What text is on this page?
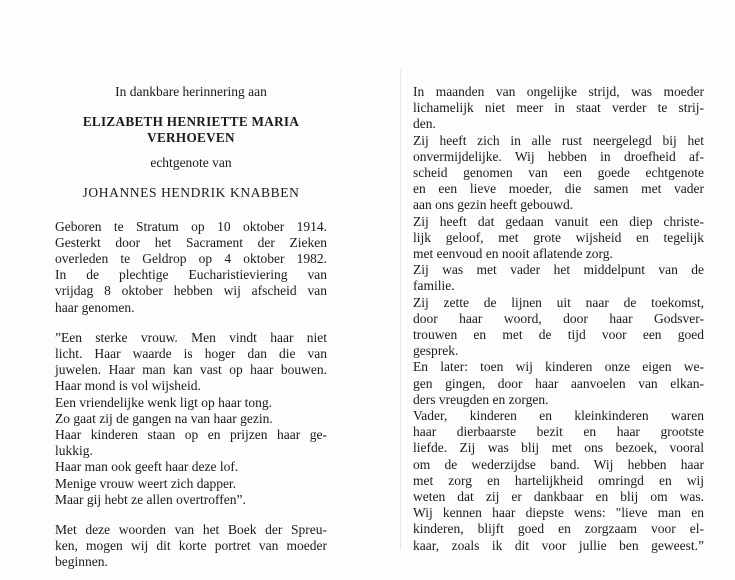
In dankbare herinnering aan

ELIZABETH HENRIETTE MARIA

VERHOEVEN

echtgenote van

JOHANNES HENDRIK KNABBEN

Geboren te Stratum op 10 oktober 1914.
Gesterkt door het Sacrament der Zieken
overleden te Geldrop op 4 oktober 1982.
In de plechtige Eucharistieviering van
vrijdag 8 oktober hebben wij afscheid van
haar genomen.
”Een sterke vrouw. Men vindt haar niet
licht. Haar waarde is hoger dan die van
juwelen. Haar man kan vast op haar bouwen.
Haar mond is vol wijsheid.
Een vriendelijke wenk ligt op haar tong.
Zo gaat zij de gangen na van haar gezin.
Haar kinderen staan op en prijzen haar ge-
lukkig.
Haar man ook geeft haar deze lof.
Menige vrouw weert zich dapper.
Maar gij hebt ze allen overtroffen”.
Met deze woorden van het Boek der Spreu-
ken, mogen wij dit korte portret van moeder
beginnen.
In maanden van ongelijke strijd, was moeder
lichamelijk niet meer in staat verder te strij-
den.
Zij heeft zich in alle rust neergelegd bij het
onvermijdelijke. Wij hebben in droefheid af-
scheid genomen van een goede echtgenote
en een lieve moeder, die samen met vader
aan ons gezin heeft gebouwd.
Zij heeft dat gedaan vanuit een diep christe-
lijk geloof, met grote wijsheid en tegelijk
met eenvoud en nooit aflatende zorg.
Zij was met vader het middelpunt van de
familie.
Zij zette de lijnen uit naar de toekomst,
door haar woord, door haar Godsver-
trouwen en met de tijd voor een goed
gesprek.
En later: toen wij kinderen onze eigen we-
gen gingen, door haar aanvoelen van elkan-
ders vreugden en zorgen.
Vader, kinderen en kleinkinderen waren
haar dierbaarste bezit en haar grootste
liefde. Zij was blij met ons bezoek, vooral
om de wederzijdse band. Wij hebben haar
met zorg en hartelijkheid omringd en wij
weten dat zij er dankbaar en blij om was.
Wij kennen haar diepste wens: "lieve man en
kinderen, blijft goed en zorgzaam voor el-
kaar, zoals ik dit voor jullie ben geweest.”
